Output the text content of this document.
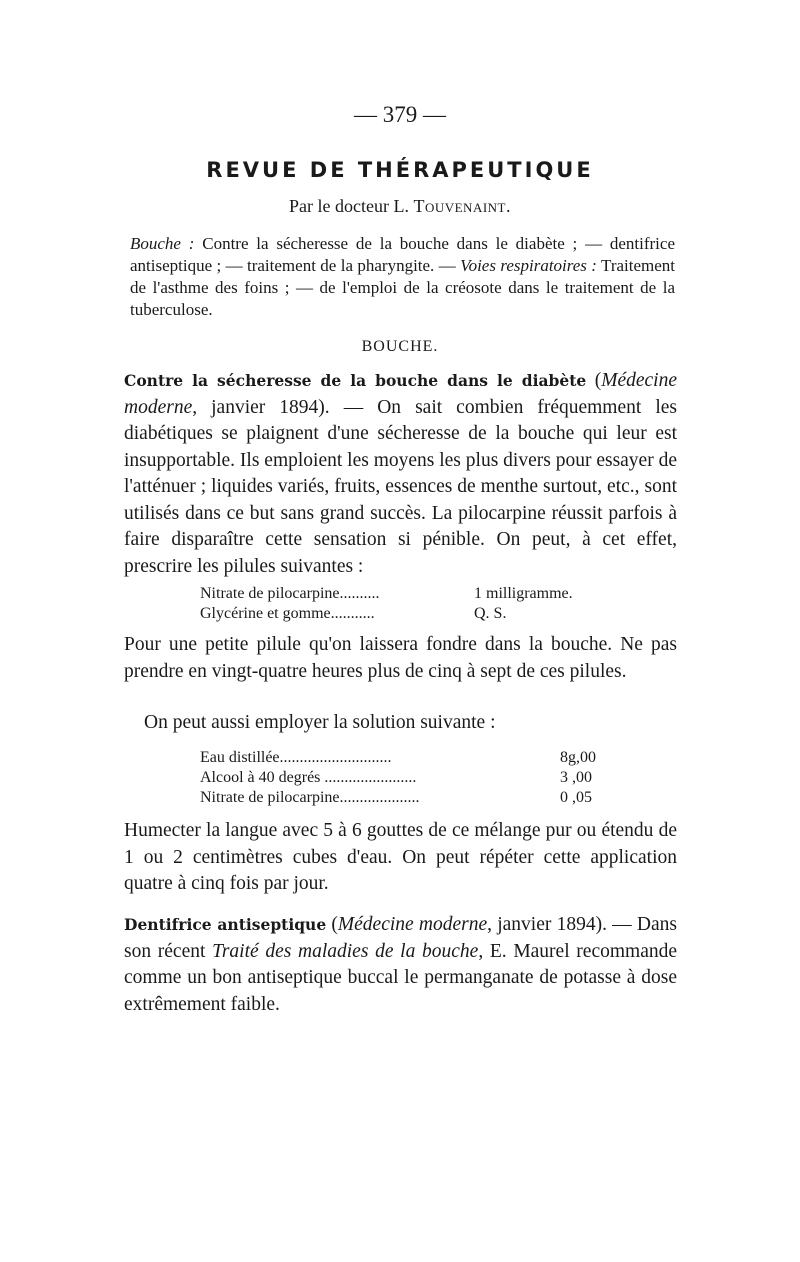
— 379 —
REVUE DE THÉRAPEUTIQUE
Par le docteur L. Touvenaint.
Bouche : Contre la sécheresse de la bouche dans le diabète ; — dentifrice antiseptique ; — traitement de la pharyngite. — Voies respiratoires : Traitement de l'asthme des foins ; — de l'emploi de la créosote dans le traitement de la tuberculose.
BOUCHE.
Contre la sécheresse de la bouche dans le diabète (Médecine moderne, janvier 1894). — On sait combien fréquemment les diabétiques se plaignent d'une sécheresse de la bouche qui leur est insupportable. Ils emploient les moyens les plus divers pour essayer de l'atténuer ; liquides variés, fruits, essences de menthe surtout, etc., sont utilisés dans ce but sans grand succès. La pilocarpine réussit parfois à faire disparaître cette sensation si pénible. On peut, à cet effet, prescrire les pilules suivantes :
Nitrate de pilocarpine..........	1 milligramme.
Glycérine et gomme...........	Q. S.
Pour une petite pilule qu'on laissera fondre dans la bouche. Ne pas prendre en vingt-quatre heures plus de cinq à sept de ces pilules.
On peut aussi employer la solution suivante :
Eau distillée............................	8g,00
Alcool à 40 degrés .......................	3 ,00
Nitrate de pilocarpine....................	0 ,05
Humecter la langue avec 5 à 6 gouttes de ce mélange pur ou étendu de 1 ou 2 centimètres cubes d'eau. On peut répéter cette application quatre à cinq fois par jour.
Dentifrice antiseptique (Médecine moderne, janvier 1894). — Dans son récent Traité des maladies de la bouche, E. Maurel recommande comme un bon antiseptique buccal le permanganate de potasse à dose extrêmement faible.
